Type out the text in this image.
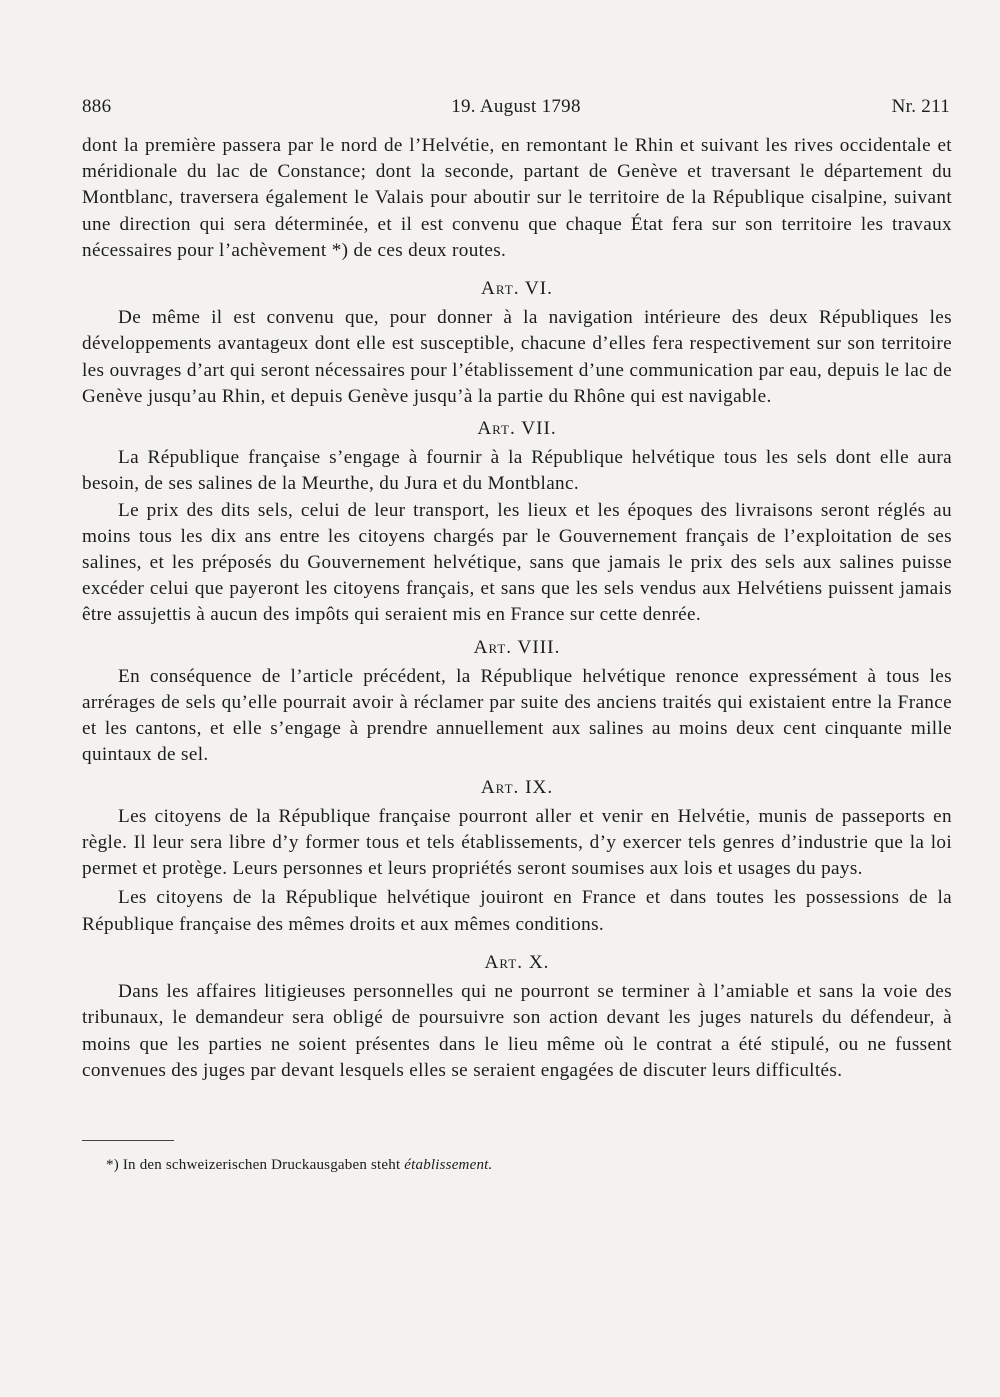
886	19. August 1798	Nr. 211

dont la première passera par le nord de l’Helvétie, en remontant le Rhin et suivant les rives occidentale et méridionale du lac de Constance; dont la seconde, partant de Genève et traversant le département du Montblanc, traversera également le Valais pour aboutir sur le territoire de la République cisalpine, suivant une direction qui sera déterminée, et il est convenu que chaque État fera sur son territoire les travaux nécessaires pour l’achèvement *) de ces deux routes.

Art. VI.

De même il est convenu que, pour donner à la navigation intérieure des deux Républiques les développements avantageux dont elle est susceptible, chacune d’elles fera respectivement sur son territoire les ouvrages d’art qui seront nécessaires pour l’établissement d’une communication par eau, depuis le lac de Genève jusqu’au Rhin, et depuis Genève jusqu’à la partie du Rhône qui est navigable.

Art. VII.

La République française s’engage à fournir à la République helvétique tous les sels dont elle aura besoin, de ses salines de la Meurthe, du Jura et du Montblanc.

Le prix des dits sels, celui de leur transport, les lieux et les époques des livraisons seront réglés au moins tous les dix ans entre les citoyens chargés par le Gouvernement français de l’exploitation de ses salines, et les préposés du Gouvernement helvétique, sans que jamais le prix des sels aux salines puisse excéder celui que payeront les citoyens français, et sans que les sels vendus aux Helvétiens puissent jamais être assujettis à aucun des impôts qui seraient mis en France sur cette denrée.

Art. VIII.

En conséquence de l’article précédent, la République helvétique renonce expressément à tous les arrérages de sels qu’elle pourrait avoir à réclamer par suite des anciens traités qui existaient entre la France et les cantons, et elle s’engage à prendre annuellement aux salines au moins deux cent cinquante mille quintaux de sel.

Art. IX.

Les citoyens de la République française pourront aller et venir en Helvétie, munis de passeports en règle. Il leur sera libre d’y former tous et tels établissements, d’y exercer tels genres d’industrie que la loi permet et protège. Leurs personnes et leurs propriétés seront soumises aux lois et usages du pays.

Les citoyens de la République helvétique jouiront en France et dans toutes les possessions de la République française des mêmes droits et aux mêmes conditions.

Art. X.

Dans les affaires litigieuses personnelles qui ne pourront se terminer à l’amiable et sans la voie des tribunaux, le demandeur sera obligé de poursuivre son action devant les juges naturels du défendeur, à moins que les parties ne soient présentes dans le lieu même où le contrat a été stipulé, ou ne fussent convenues des juges par devant lesquels elles se seraient engagées de discuter leurs difficultés.

*) In den schweizerischen Druckausgaben steht établissement.
